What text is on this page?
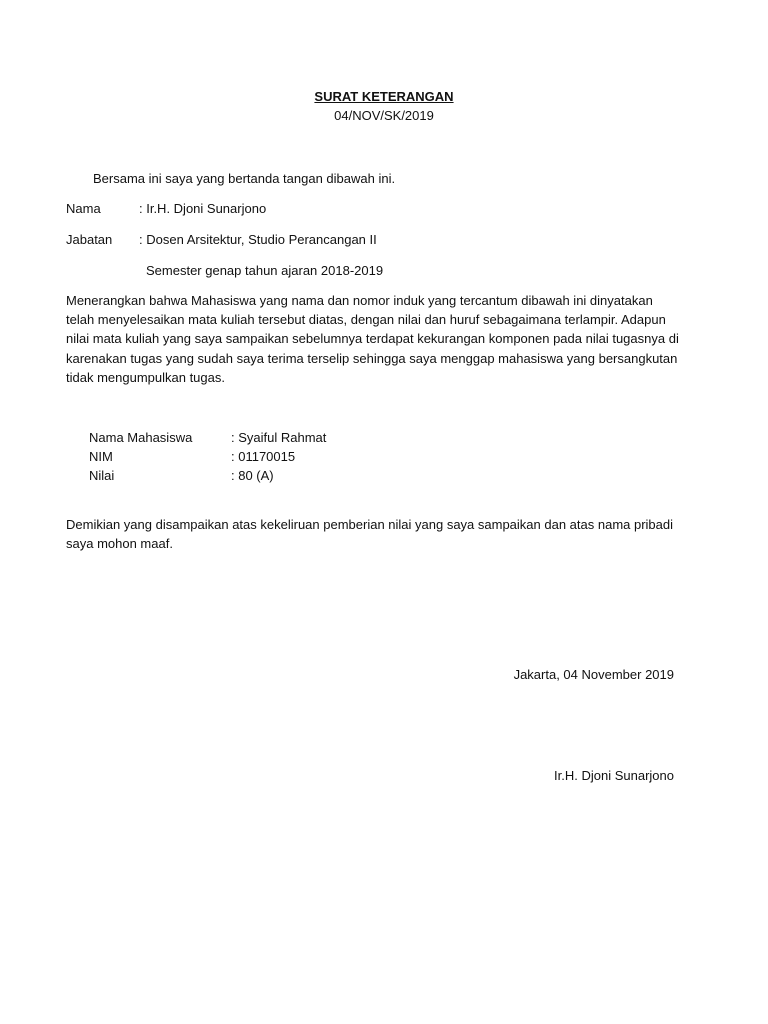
SURAT KETERANGAN
04/NOV/SK/2019
Bersama ini saya yang bertanda tangan dibawah ini.
Nama	: Ir.H. Djoni Sunarjono
Jabatan : Dosen Arsitektur, Studio Perancangan II
Semester genap tahun ajaran 2018-2019
Menerangkan bahwa Mahasiswa yang nama dan nomor induk yang tercantum dibawah ini dinyatakan
telah menyelesaikan mata kuliah tersebut diatas, dengan nilai dan huruf sebagaimana terlampir. Adapun
nilai mata kuliah yang saya sampaikan sebelumnya terdapat kekurangan komponen pada nilai tugasnya di
karenakan tugas yang sudah saya terima terselip sehingga saya menggap mahasiswa yang bersangkutan
tidak mengumpulkan tugas.
Nama Mahasiswa	: Syaiful Rahmat
NIM	: 01170015
Nilai	: 80 (A)
Demikian yang disampaikan atas kekeliruan pemberian nilai yang saya sampaikan dan atas nama pribadi
saya mohon maaf.
Jakarta, 04 November 2019
Ir.H. Djoni Sunarjono
